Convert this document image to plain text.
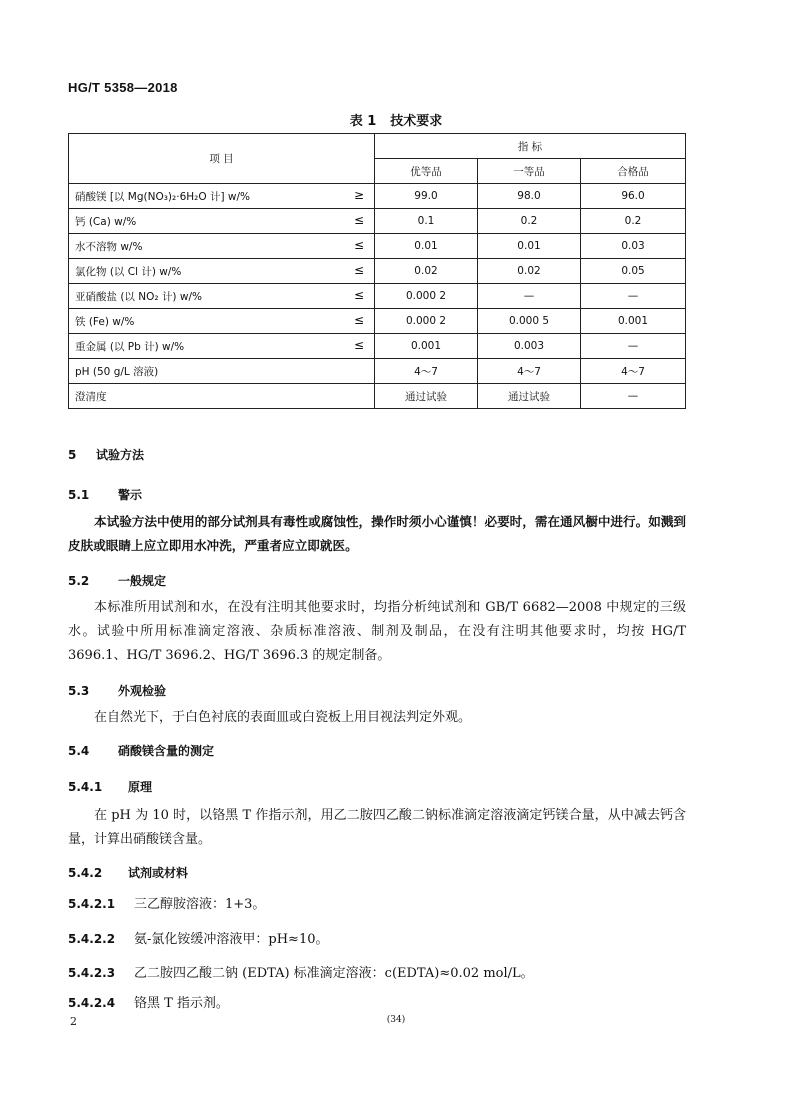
HG/T 5358—2018
表 1 技术要求
项 目	指 标		
	优等品	一等品	合格品
硝酸镁 [以 Mg(NO₃)₂·6H₂O 计] w/% ≥	99.0	98.0	96.0
钙 (Ca) w/% ≤	0.1	0.2	0.2
水不溶物 w/% ≤	0.01	0.01	0.03
氯化物 (以 Cl 计) w/% ≤	0.02	0.02	0.05
亚硝酸盐 (以 NO₂ 计) w/% ≤	0.000 2	—	—
铁 (Fe) w/% ≤	0.000 2	0.000 5	0.001
重金属 (以 Pb 计) w/% ≤	0.001	0.003	—
pH (50 g/L 溶液)	4～7	4～7	4～7
澄清度	通过试验	通过试验	—
5 试验方法
5.1 警示
本试验方法中使用的部分试剂具有毒性或腐蚀性，操作时须小心谨慎！必要时，需在通风橱中进行。如溅到皮肤或眼睛上应立即用水冲洗，严重者应立即就医。
5.2 一般规定
本标准所用试剂和水，在没有注明其他要求时，均指分析纯试剂和 GB/T 6682—2008 中规定的三级水。试验中所用标准滴定溶液、杂质标准溶液、制剂及制品，在没有注明其他要求时，均按 HG/T 3696.1、HG/T 3696.2、HG/T 3696.3 的规定制备。
5.3 外观检验
在自然光下，于白色衬底的表面皿或白瓷板上用目视法判定外观。
5.4 硝酸镁含量的测定
5.4.1 原理
在 pH 为 10 时，以铬黑 T 作指示剂，用乙二胺四乙酸二钠标准滴定溶液滴定钙镁合量，从中减去钙含量，计算出硝酸镁含量。
5.4.2 试剂或材料
5.4.2.1 三乙醇胺溶液：1+3。
5.4.2.2 氨-氯化铵缓冲溶液甲：pH≈10。
5.4.2.3 乙二胺四乙酸二钠 (EDTA) 标准滴定溶液：c(EDTA)≈0.02 mol/L。
5.4.2.4 铬黑 T 指示剂。
2	(34)
